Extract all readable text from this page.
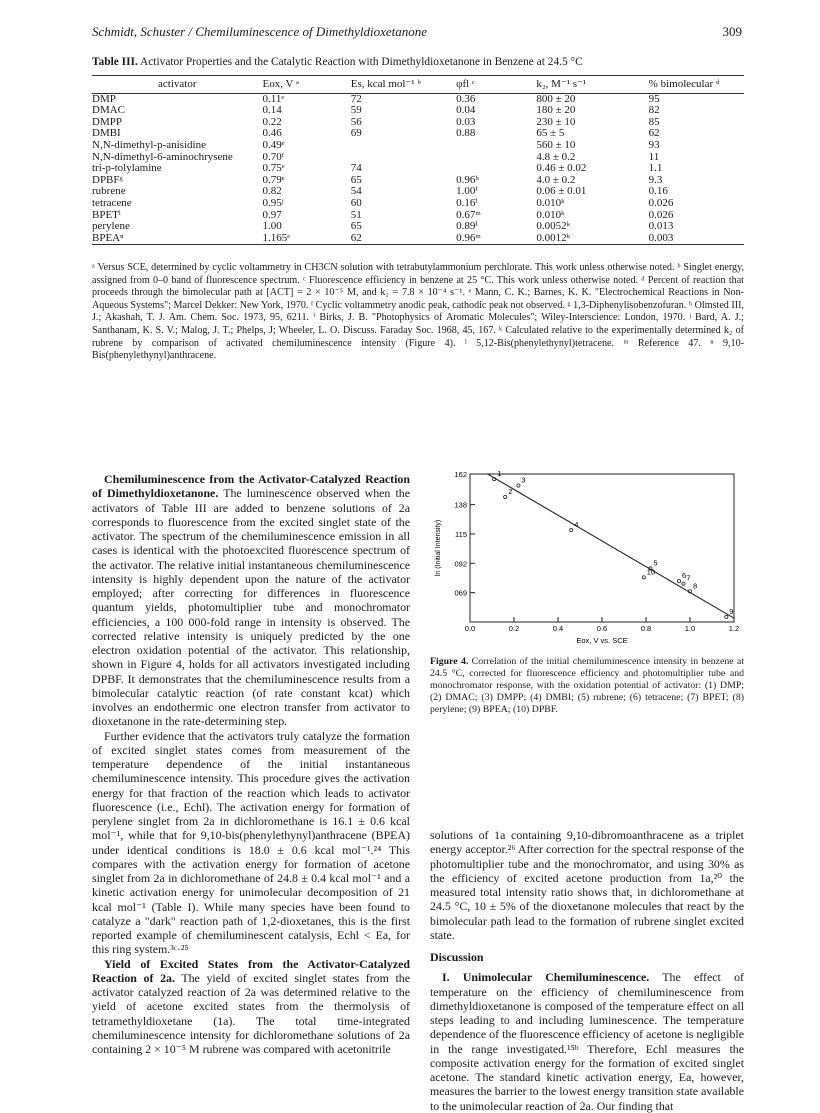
Schmidt, Schuster / Chemiluminescence of Dimethyldioxetanone	309
Table III. Activator Properties and the Catalytic Reaction with Dimethyldioxetanone in Benzene at 24.5 °C
activator	Eox, V ᵃ	Es, kcal mol⁻¹ ᵇ	φfl ᶜ	k₂, M⁻¹ s⁻¹	% bimolecular ᵈ
DMP	0.11ᵉ	72	0.36	800 ± 20	95
DMAC	0.14	59	0.04	180 ± 20	82
DMPP	0.22	56	0.03	230 ± 10	85
DMBI	0.46	69	0.88	65 ± 5	62
N,N-dimethyl-p-anisidine	0.49ᵉ			560 ± 10	93
N,N-dimethyl-6-aminochrysene	0.70ᶠ			4.8 ± 0.2	11
tri-p-tolylamine	0.75ᵉ	74		0.46 ± 0.02	1.1
DPBFᵍ	0.79ᵉ	65	0.96ʰ	4.0 ± 0.2	9.3
rubrene	0.82	54	1.00ⁱ	0.06 ± 0.01	0.16
tetracene	0.95ʲ	60	0.16ⁱ	0.010ᵏ	0.026
BPETˡ	0.97	51	0.67ᵐ	0.010ᵏ	0.026
perylene	1.00	65	0.89ⁱ	0.0052ᵏ	0.013
BPEAⁿ	1.165ᵉ	62	0.96ᵐ	0.0012ᵏ	0.003
ᵃ Versus SCE, determined by cyclic voltammetry in CH3CN solution with tetrabutylammonium perchlorate. This work unless otherwise noted. ᵇ Singlet energy, assigned from 0–0 band of fluorescence spectrum. ᶜ Fluorescence efficiency in benzene at 25 °C. This work unless otherwise noted. ᵈ Percent of reaction that proceeds through the bimolecular path at [ACT] = 2 × 10⁻⁵ M, and k₁ = 7.8 × 10⁻⁴ s⁻¹. ᵉ Mann, C. K.; Barnes, K. K. "Electrochemical Reactions in Non-Aqueous Systems"; Marcel Dekker: New York, 1970. ᶠ Cyclic voltammetry anodic peak, cathodic peak not observed. ᵍ 1,3-Diphenylisobenzofuran. ʰ Olmsted III, J.; Akashah, T. J. Am. Chem. Soc. 1973, 95, 6211. ⁱ Birks, J. B. "Photophysics of Aromatic Molecules"; Wiley-Interscience: London, 1970. ʲ Bard, A. J.; Santhanam, K. S. V.; Malog, J. T.; Phelps, J; Wheeler, L. O. Discuss. Faraday Soc. 1968, 45, 167. ᵏ Calculated relative to the experimentally determined k₂ of rubrene by comparison of activated chemiluminescence intensity (Figure 4). ˡ 5,12-Bis(phenylethynyl)tetracene. ᵐ Reference 47. ⁿ 9,10-Bis(phenylethynyl)anthracene.

Chemiluminescence from the Activator-Catalyzed Reaction of Dimethyldioxetanone. The luminescence observed when the activators of Table III are added to benzene solutions of 2a corresponds to fluorescence from the excited singlet state of the activator. The spectrum of the chemiluminescence emission in all cases is identical with the photoexcited fluorescence spectrum of the activator. The relative initial instantaneous chemiluminescence intensity is highly dependent upon the nature of the activator employed; after correcting for differences in fluorescence quantum yields, photomultiplier tube and monochromator efficiencies, a 100 000-fold range in intensity is observed. The corrected relative intensity is uniquely predicted by the one electron oxidation potential of the activator. This relationship, shown in Figure 4, holds for all activators investigated including DPBF. It demonstrates that the chemiluminescence results from a bimolecular catalytic reaction (of rate constant kcat) which involves an endothermic one electron transfer from activator to dioxetanone in the rate-determining step.

Further evidence that the activators truly catalyze the formation of excited singlet states comes from measurement of the temperature dependence of the initial instantaneous chemiluminescence intensity. This procedure gives the activation energy for that fraction of the reaction which leads to activator fluorescence (i.e., Echl). The activation energy for formation of perylene singlet from 2a in dichloromethane is 16.1 ± 0.6 kcal mol⁻¹, while that for 9,10-bis(phenylethynyl)anthracene (BPEA) under identical conditions is 18.0 ± 0.6 kcal mol⁻¹.²⁴ This compares with the activation energy for formation of acetone singlet from 2a in dichloromethane of 24.8 ± 0.4 kcal mol⁻¹ and a kinetic activation energy for unimolecular decomposition of 21 kcal mol⁻¹ (Table I). While many species have been found to catalyze a "dark" reaction path of 1,2-dioxetanes, this is the first reported example of chemiluminescent catalysis, Echl < Ea, for this ring system.³ᶜ·²⁵

Yield of Excited States from the Activator-Catalyzed Reaction of 2a. The yield of excited singlet states from the activator catalyzed reaction of 2a was determined relative to the yield of acetone excited states from the thermolysis of tetramethyldioxetane (1a). The total time-integrated chemiluminescence intensity for dichloromethane solutions of 2a containing 2 × 10⁻⁵ M rubrene was compared with acetonitrile

162
138
115
092
069
0.0	0.2	0.4	0.6	0.8	1.0	1.2
1
2
3
4
5
6 7
8
9
10
Eox, V vs. SCE
ln (Initial Intensity)
Figure 4. Correlation of the initial chemiluminescence intensity in benzene at 24.5 °C, corrected for fluorescence efficiency and photomultiplier tube and monochromator response, with the oxidation potential of activator: (1) DMP; (2) DMAC; (3) DMPP; (4) DMBI; (5) rubrene; (6) tetracene; (7) BPET; (8) perylene; (9) BPEA; (10) DPBF.

solutions of 1a containing 9,10-dibromoanthracene as a triplet energy acceptor.²⁶ After correction for the spectral response of the photomultiplier tube and the monochromator, and using 30% as the efficiency of excited acetone production from 1a,²⁰ the measured total intensity ratio shows that, in dichloromethane at 24.5 °C, 10 ± 5% of the dioxetanone molecules that react by the bimolecular path lead to the formation of rubrene singlet excited state.

Discussion

I. Unimolecular Chemiluminescence. The effect of temperature on the efficiency of chemiluminescence from dimethyldioxetanone is composed of the temperature effect on all steps leading to and including luminescence. The temperature dependence of the fluorescence efficiency of acetone is negligible in the range investigated.¹⁵ᵇ Therefore, Echl measures the composite activation energy for the formation of excited singlet acetone. The standard kinetic activation energy, Ea, however, measures the barrier to the lowest energy transition state available to the unimolecular reaction of 2a. Our finding that
